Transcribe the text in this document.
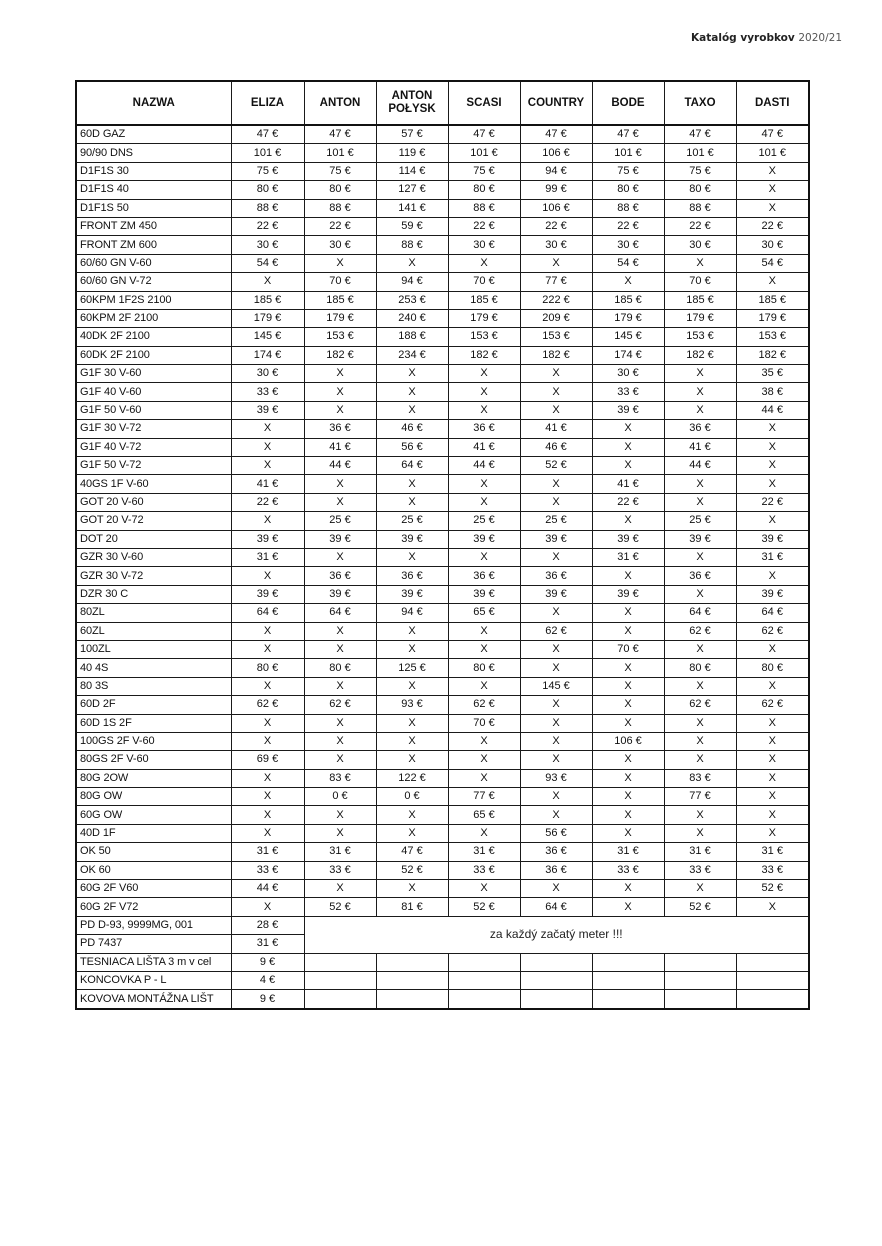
Katalóg vyrobkov 2020/21
NAZWA	ELIZA	ANTON	ANTON POŁYSK	SCASI	COUNTRY	BODE	TAXO	DASTI
60D GAZ	47 €	47 €	57 €	47 €	47 €	47 €	47 €	47 €
90/90 DNS	101 €	101 €	119 €	101 €	106 €	101 €	101 €	101 €
D1F1S 30	75 €	75 €	114 €	75 €	94 €	75 €	75 €	X
D1F1S 40	80 €	80 €	127 €	80 €	99 €	80 €	80 €	X
D1F1S 50	88 €	88 €	141 €	88 €	106 €	88 €	88 €	X
FRONT ZM 450	22 €	22 €	59 €	22 €	22 €	22 €	22 €	22 €
FRONT ZM 600	30 €	30 €	88 €	30 €	30 €	30 €	30 €	30 €
60/60 GN V-60	54 €	X	X	X	X	54 €	X	54 €
60/60 GN V-72	X	70 €	94 €	70 €	77 €	X	70 €	X
60KPM 1F2S 2100	185 €	185 €	253 €	185 €	222 €	185 €	185 €	185 €
60KPM 2F 2100	179 €	179 €	240 €	179 €	209 €	179 €	179 €	179 €
40DK 2F 2100	145 €	153 €	188 €	153 €	153 €	145 €	153 €	153 €
60DK 2F 2100	174 €	182 €	234 €	182 €	182 €	174 €	182 €	182 €
G1F 30 V-60	30 €	X	X	X	X	30 €	X	35 €
G1F 40 V-60	33 €	X	X	X	X	33 €	X	38 €
G1F 50 V-60	39 €	X	X	X	X	39 €	X	44 €
G1F 30 V-72	X	36 €	46 €	36 €	41 €	X	36 €	X
G1F 40 V-72	X	41 €	56 €	41 €	46 €	X	41 €	X
G1F 50 V-72	X	44 €	64 €	44 €	52 €	X	44 €	X
40GS 1F V-60	41 €	X	X	X	X	41 €	X	X
GOT 20 V-60	22 €	X	X	X	X	22 €	X	22 €
GOT 20 V-72	X	25 €	25 €	25 €	25 €	X	25 €	X
DOT 20	39 €	39 €	39 €	39 €	39 €	39 €	39 €	39 €
GZR 30 V-60	31 €	X	X	X	X	31 €	X	31 €
GZR 30 V-72	X	36 €	36 €	36 €	36 €	X	36 €	X
DZR 30 C	39 €	39 €	39 €	39 €	39 €	39 €	X	39 €
80ZL	64 €	64 €	94 €	65 €	X	X	64 €	64 €
60ZL	X	X	X	X	62 €	X	62 €	62 €
100ZL	X	X	X	X	X	70 €	X	X
40 4S	80 €	80 €	125 €	80 €	X	X	80 €	80 €
80 3S	X	X	X	X	145 €	X	X	X
60D 2F	62 €	62 €	93 €	62 €	X	X	62 €	62 €
60D 1S 2F	X	X	X	70 €	X	X	X	X
100GS 2F V-60	X	X	X	X	X	106 €	X	X
80GS 2F V-60	69 €	X	X	X	X	X	X	X
80G 2OW	X	83 €	122 €	X	93 €	X	83 €	X
80G OW	X	0 €	0 €	77 €	X	X	77 €	X
60G OW	X	X	X	65 €	X	X	X	X
40D 1F	X	X	X	X	56 €	X	X	X
OK 50	31 €	31 €	47 €	31 €	36 €	31 €	31 €	31 €
OK 60	33 €	33 €	52 €	33 €	36 €	33 €	33 €	33 €
60G 2F V60	44 €	X	X	X	X	X	X	52 €
60G 2F V72	X	52 €	81 €	52 €	64 €	X	52 €	X
PD D-93, 9999MG, 001	28 €	za každý začatý meter !!!						
PD 7437	31 €							
TESNIACA LIŠTA 3 m v cel	9 €							
KONCOVKA P - L	4 €							
KOVOVA MONTÁŽNA LIŠT	9 €							
